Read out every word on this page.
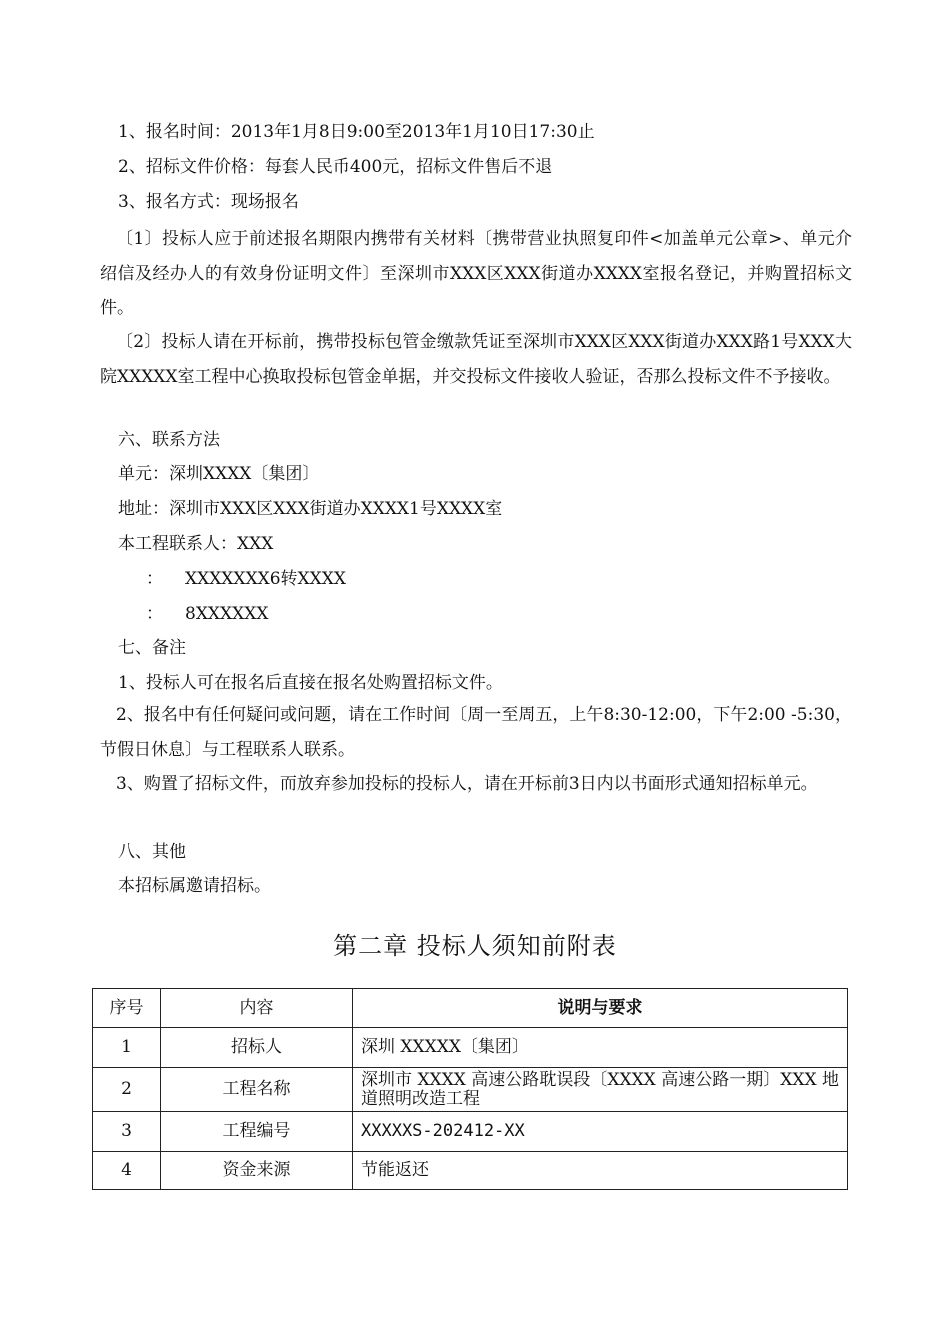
1、报名时间：2013年1月8日9:00至2013年1月10日17:30止
2、招标文件价格：每套人民币400元，招标文件售后不退
3、报名方式：现场报名
〔1〕投标人应于前述报名期限内携带有关材料〔携带营业执照复印件<加盖单元公章>、单元介绍信及经办人的有效身份证明文件〕至深圳市XXX区XXX街道办XXXX室报名登记，并购置招标文件。
〔2〕投标人请在开标前，携带投标包管金缴款凭证至深圳市XXX区XXX街道办XXX路1号XXX大院XXXXX室工程中心换取投标包管金单据，并交投标文件接收人验证，否那么投标文件不予接收。
六、联系方法
单元：深圳XXXX〔集团〕
地址：深圳市XXX区XXX街道办XXXX1号XXXX室
本工程联系人：XXX
： XXXXXXX6转XXXX
： 8XXXXXX
七、备注
1、投标人可在报名后直接在报名处购置招标文件。
2、报名中有任何疑问或问题，请在工作时间〔周一至周五，上午8:30-12:00，下午2:00 -5:30，节假日休息〕与工程联系人联系。
3、购置了招标文件，而放弃参加投标的投标人，请在开标前3日内以书面形式通知招标单元。
八、其他
本招标属邀请招标。
第二章 投标人须知前附表
序号	内容	说明与要求
1	招标人	深圳 XXXXX〔集团〕
2	工程名称	深圳市 XXXX 高速公路耽误段〔XXXX 高速公路一期〕XXX 地道照明改造工程
3	工程编号	XXXXXS-202412-XX
4	资金来源	节能返还
